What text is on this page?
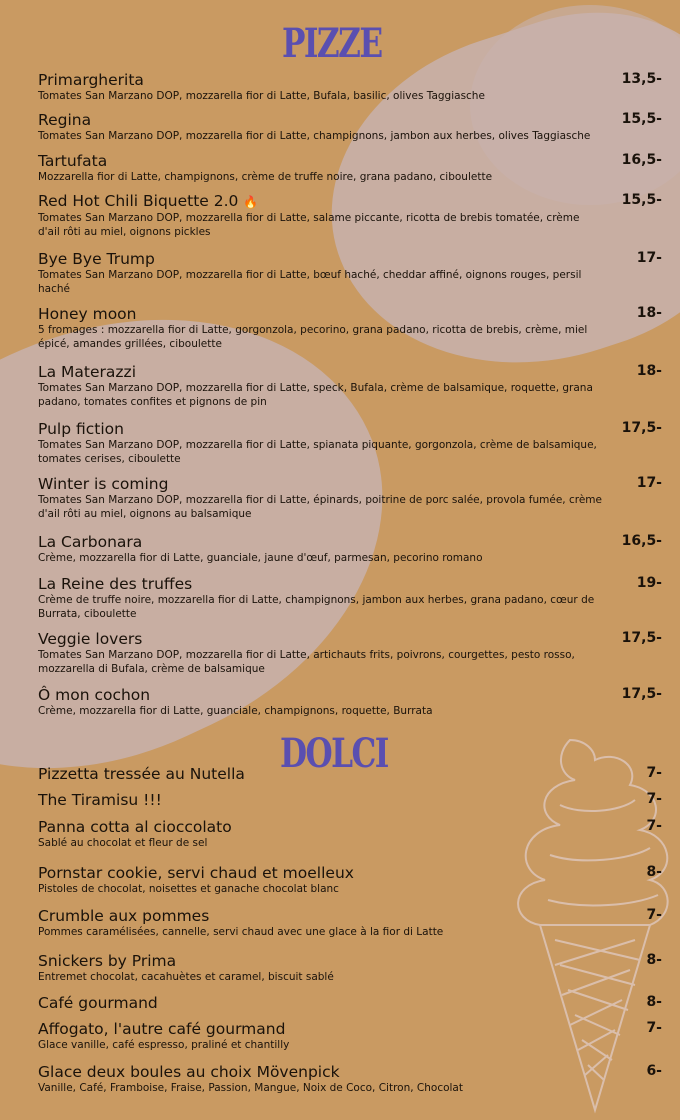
PIZZE
DOLCI
Primargherita
Tomates San Marzano DOP, mozzarella fior di Latte, Bufala, basilic, olives Taggiasche
13,5-
Regina
Tomates San Marzano DOP, mozzarella fior di Latte, champignons, jambon aux herbes, olives Taggiasche
15,5-
Tartufata
Mozzarella fior di Latte, champignons, crème de truffe noire, grana padano, ciboulette
16,5-
Red Hot Chili Biquette 2.0 🔥
Tomates San Marzano DOP, mozzarella fior di Latte, salame piccante, ricotta de brebis tomatée, crème d'ail rôti au miel, oignons pickles
15,5-
Bye Bye Trump
Tomates San Marzano DOP, mozzarella fior di Latte, bœuf haché, cheddar affiné, oignons rouges, persil haché
17-
Honey moon
5 fromages : mozzarella fior di Latte, gorgonzola, pecorino, grana padano, ricotta de brebis, crème, miel épicé, amandes grillées, ciboulette
18-
La Materazzi
Tomates San Marzano DOP, mozzarella fior di Latte, speck, Bufala, crème de balsamique, roquette, grana padano, tomates confites et pignons de pin
18-
Pulp fiction
Tomates San Marzano DOP, mozzarella fior di Latte, spianata piquante, gorgonzola, crème de balsamique, tomates cerises, ciboulette
17,5-
Winter is coming
Tomates San Marzano DOP, mozzarella fior di Latte, épinards, poitrine de porc salée, provola fumée, crème d'ail rôti au miel, oignons au balsamique
17-
La Carbonara
Crème, mozzarella fior di Latte, guanciale, jaune d'œuf, parmesan, pecorino romano
16,5-
La Reine des truffes
Crème de truffe noire, mozzarella fior di Latte, champignons, jambon aux herbes, grana padano, cœur de Burrata, ciboulette
19-
Veggie lovers
Tomates San Marzano DOP, mozzarella fior di Latte, artichauts frits, poivrons, courgettes, pesto rosso, mozzarella di Bufala, crème de balsamique
17,5-
Ô mon cochon
Crème, mozzarella fior di Latte, guanciale, champignons, roquette, Burrata
17,5-
Pizzetta tressée au Nutella	7-
The Tiramisu !!!	7-
Panna cotta al cioccolato
Sablé au chocolat et fleur de sel
7-
Pornstar cookie, servi chaud et moelleux
Pistoles de chocolat, noisettes et ganache chocolat blanc
8-
Crumble aux pommes
Pommes caramélisées, cannelle, servi chaud avec une glace à la fior di Latte
7-
Snickers by Prima
Entremet chocolat, cacahuètes et caramel, biscuit sablé
8-
Café gourmand	8-
Affogato, l'autre café gourmand
Glace vanille, café espresso, praliné et chantilly
7-
Glace deux boules au choix Mövenpick
Vanille, Café, Framboise, Fraise, Passion, Mangue, Noix de Coco, Citron, Chocolat
6-
